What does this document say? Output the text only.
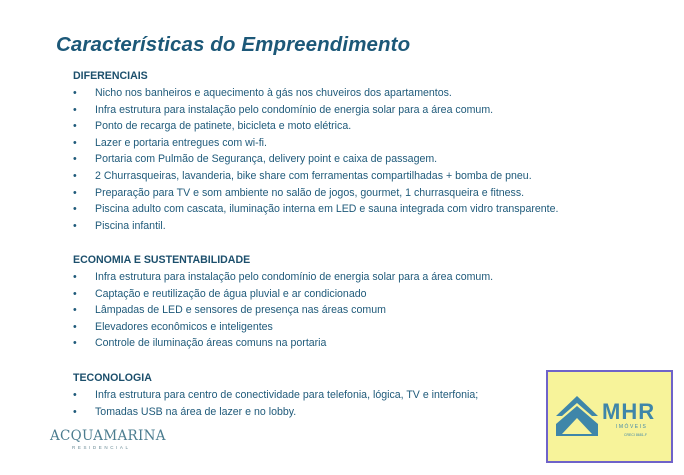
Características do Empreendimento
DIFERENCIAIS
•	Nicho nos banheiros e aquecimento à gás nos chuveiros dos apartamentos.
•	Infra estrutura para instalação pelo condomínio de energia solar para a área comum.
•	Ponto de recarga de patinete, bicicleta e moto elétrica.
•	Lazer e portaria entregues com wi-fi.
•	Portaria com Pulmão de Segurança, delivery point e caixa de passagem.
•	2 Churrasqueiras, lavanderia, bike share com ferramentas compartilhadas + bomba de pneu.
•	Preparação para TV e som ambiente no salão de jogos, gourmet, 1 churrasqueira e fitness.
•	Piscina adulto com cascata, iluminação interna em LED e sauna integrada com vidro transparente.
•	Piscina infantil.
ECONOMIA E SUSTENTABILIDADE
•	Infra estrutura para instalação pelo condomínio de energia solar para a área comum.
•	Captação e reutilização de água pluvial e ar condicionado
•	Lâmpadas de LED e sensores de presença nas áreas comum
•	Elevadores econômicos e inteligentes
•	Controle de iluminação áreas comuns na portaria
TECONOLOGIA
•	Infra estrutura para centro de conectividade para telefonia, lógica, TV e interfonia;
•	Tomadas USB na área de lazer e no lobby.
ACQUAMARINA
RESIDENCIAL
MHR
IMÓVEIS
CRECI 8681-F
